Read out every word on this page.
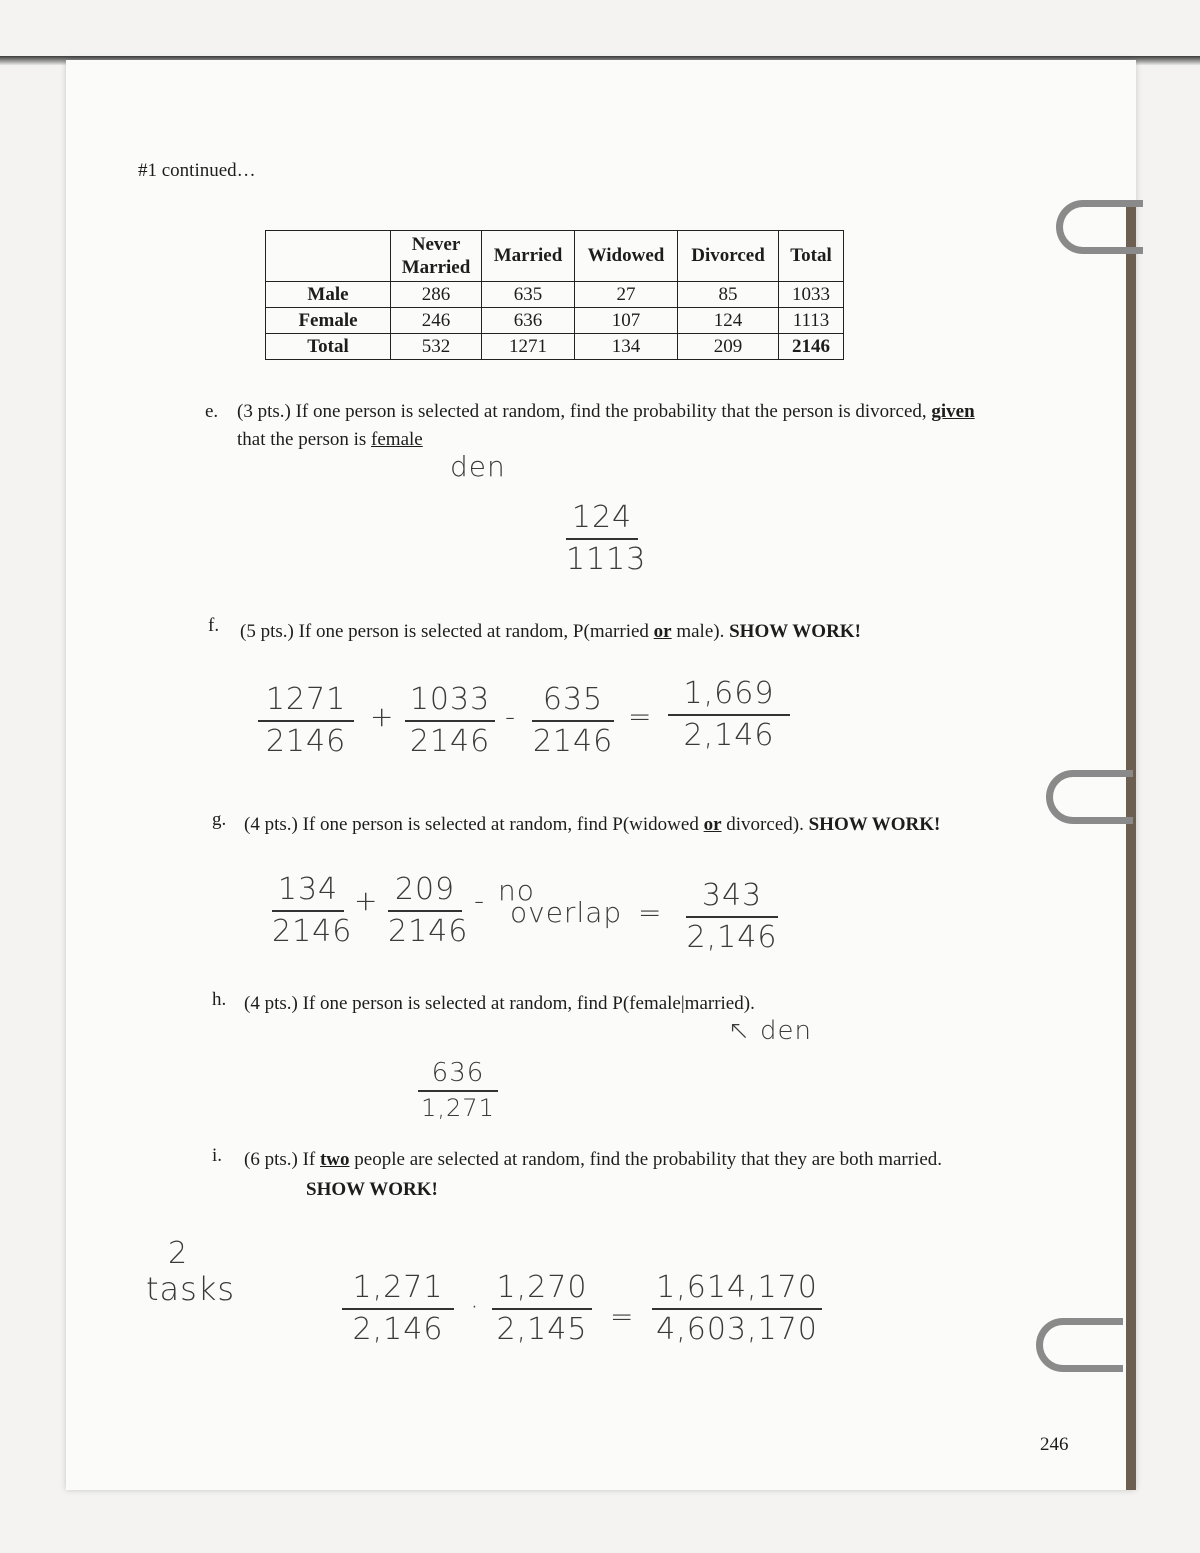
#1 continued…
	Never Married	Married	Widowed	Divorced	Total
Male	286	635	27	85	1033
Female	246	636	107	124	1113
Total	532	1271	134	209	2146
e. (3 pts.) If one person is selected at random, find the probability that the person is divorced, given
that the person is female
den
124
1113
f. (5 pts.) If one person is selected at random, P(married or male). SHOW WORK!
1271
2146
+ 1033
2146
- 635
2146
=
1,669
2,146
g. (4 pts.) If one person is selected at random, find P(widowed or divorced). SHOW WORK!
134
2146
+ 209
2146
- no
overlap =	343
2,146
h. (4 pts.) If one person is selected at random, find P(female|married).
↖ den
636
1,271
i. (6 pts.) If two people are selected at random, find the probability that they are both married.
SHOW WORK!
2
tasks	1,271
2,146
·
1,270
2,145 =
1,614,170
4,603,170
246
